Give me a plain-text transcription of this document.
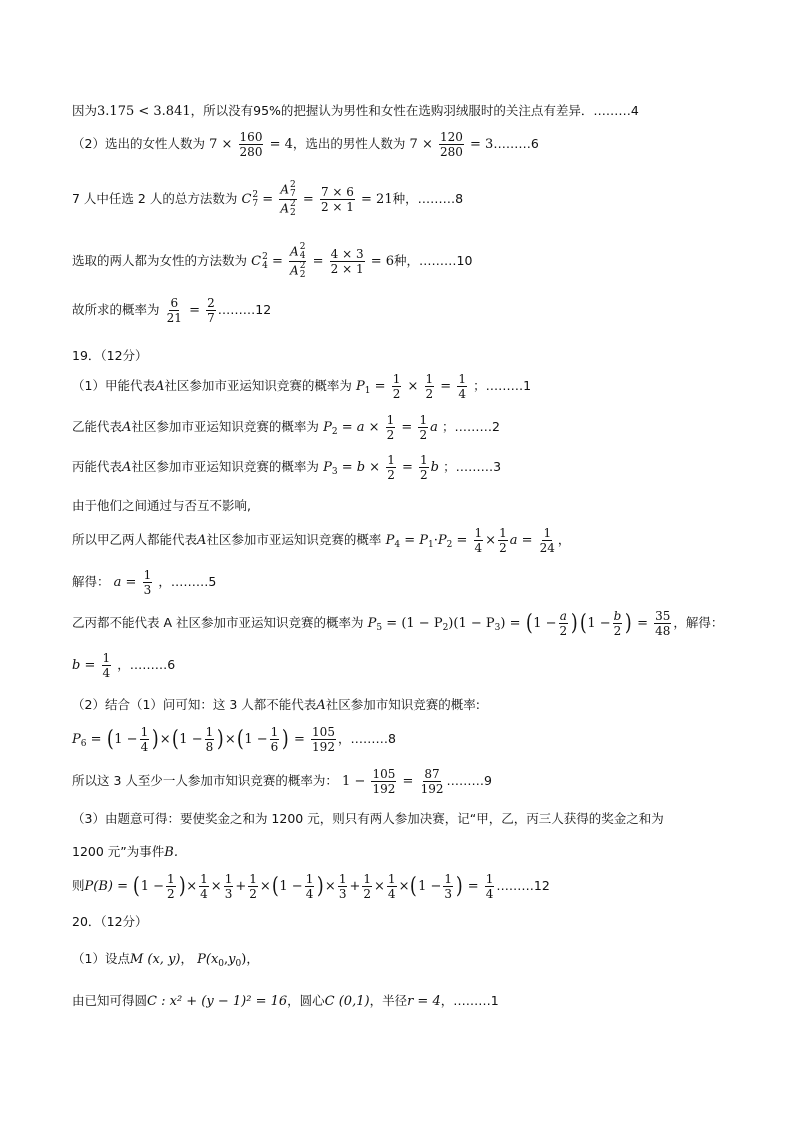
因为3.175 < 3.841，所以没有95%的把握认为男性和女性在选购羽绒服时的关注点有差异．………4
（2）选出的女性人数为 $7 \times \frac{160}{280} = 4$，选出的男性人数为 $7 \times \frac{120}{280}$ = 3………6
7 人中任选 2 人的总方法数为 C 2
7 = A 2
7
A 2
$2 = \frac{7 \times 6}{2 \times 1} = 21$种，………8
选取的两人都为女性的方法数为 C 2
4 = A 2
4
A 2
$2 = \frac{4 \times 3}{2 \times 1} = 6$种，………10
故所求的概率为 $\frac{6}{21} = \frac{2}{7}$ ………12
19．（12分）
（1）甲能代表A社区参加市亚运知识竞赛的概率为 $P_1 = \frac{1}{2} \times \frac{1}{2} = \frac{1}{4}$ ；………1
乙能代表A社区参加市亚运知识竞赛的概率为 $P_2 = a \times \frac{1}{2} = \frac{1}{2}$ a ；………2
丙能代表A社区参加市亚运知识竞赛的概率为 $P_3 = b \times \frac{1}{2} = \frac{1}{2}$ b ；………3
由于他们之间通过与否互不影响,
所以甲乙两人都能代表A社区参加市亚运知识竞赛的概率 $P_4 = P_1\cdot P_2 = \frac{1}{4} \times \frac{1}{2}$ $a = \frac{1}{24}$ ，
解得： $a = \frac{1}{3}$ ，………5
乙丙都不能代表 A 社区参加市亚运知识竞赛的概率为 $P_5 = (1 - P_2)(1 - P_3) = (1 - \frac{a}{2} )(1 - \frac{b}{2}$ ) = $\frac{35}{48}$ ，解得：
$b = \frac{1}{4}$ ，………6
（2）结合（1）问可知：这 3 人都不能代表A社区参加市知识竞赛的概率:
$P_6 = (1 - \frac{1}{4} )\times(1 - \frac{1}{8} )\times(1 - \frac{1}{6}$ ) = $\frac{105}{192}$ ，………8
所以这 3 人至少一人参加市知识竞赛的概率为： $1 - \frac{105}{192} = \frac{87}{192}$ ………9
（3）由题意可得：要使奖金之和为 1200 元，则只有两人参加决赛，记“甲，乙，丙三人获得的奖金之和为
1200 元”为事件B.
则$P(B) = (1 - \frac{1}{2}$ )× $\frac{1}{4} \times \frac{1}{3} + \frac{1}{2} \times(1 - \frac{1}{4}$ )× $\frac{1}{3} + \frac{1}{2} \times \frac{1}{4} \times(1 - \frac{1}{3}$ ) = $\frac{1}{4}$ ………12
20．（12分）
（1）设点M (x, y)， $P(x_0,y_0)$，
由已知可得圆C : x² + (y − 1)² = 16，圆心C (0,1)，半径r = 4，………1
